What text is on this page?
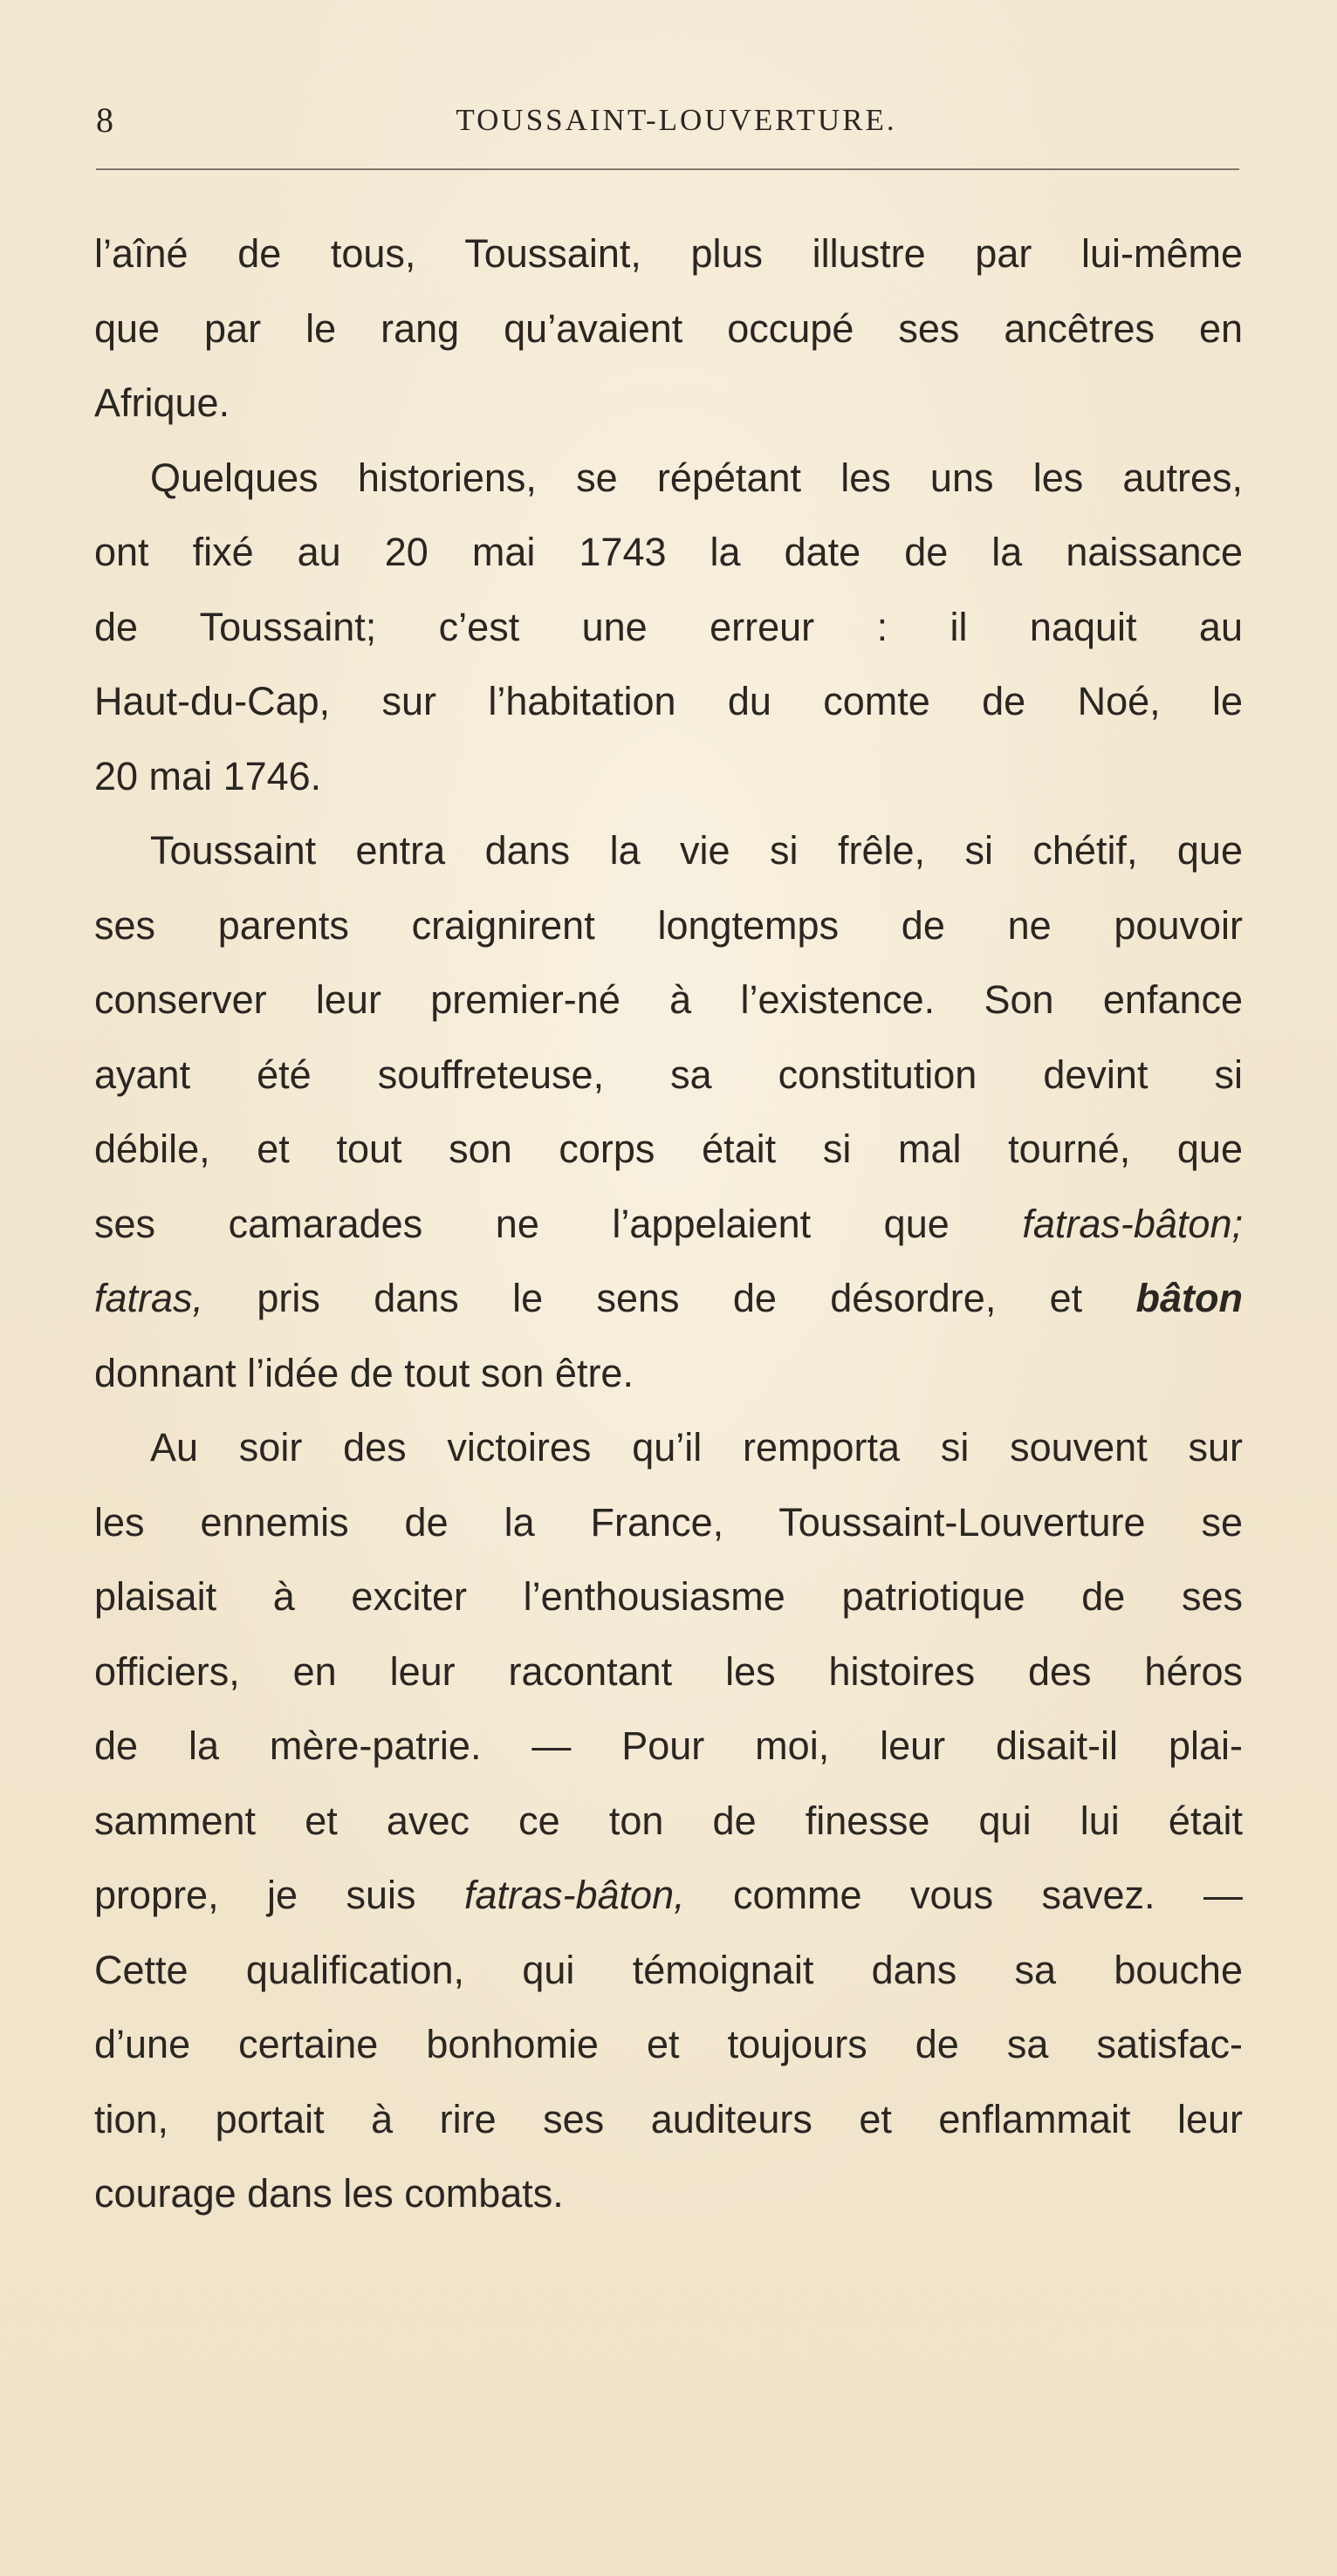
8	TOUSSAINT-LOUVERTURE.
l’aîné de tous, Toussaint, plus illustre par lui-même
que par le rang qu’avaient occupé ses ancêtres en
Afrique.
Quelques historiens, se répétant les uns les autres,
ont fixé au 20 mai 1743 la date de la naissance
de Toussaint; c’est une erreur : il naquit au
Haut-du-Cap, sur l’habitation du comte de Noé, le
20 mai 1746.
Toussaint entra dans la vie si frêle, si chétif, que
ses parents craignirent longtemps de ne pouvoir
conserver leur premier-né à l’existence. Son enfance
ayant été souffreteuse, sa constitution devint si
débile, et tout son corps était si mal tourné, que
ses camarades ne l’appelaient que fatras-bâton;
fatras, pris dans le sens de désordre, et bâton
donnant l’idée de tout son être.
Au soir des victoires qu’il remporta si souvent sur
les ennemis de la France, Toussaint-Louverture se
plaisait à exciter l’enthousiasme patriotique de ses
officiers, en leur racontant les histoires des héros
de la mère-patrie. — Pour moi, leur disait-il plai-
samment et avec ce ton de finesse qui lui était
propre, je suis fatras-bâton, comme vous savez. —
Cette qualification, qui témoignait dans sa bouche
d’une certaine bonhomie et toujours de sa satisfac-
tion, portait à rire ses auditeurs et enflammait leur
courage dans les combats.
